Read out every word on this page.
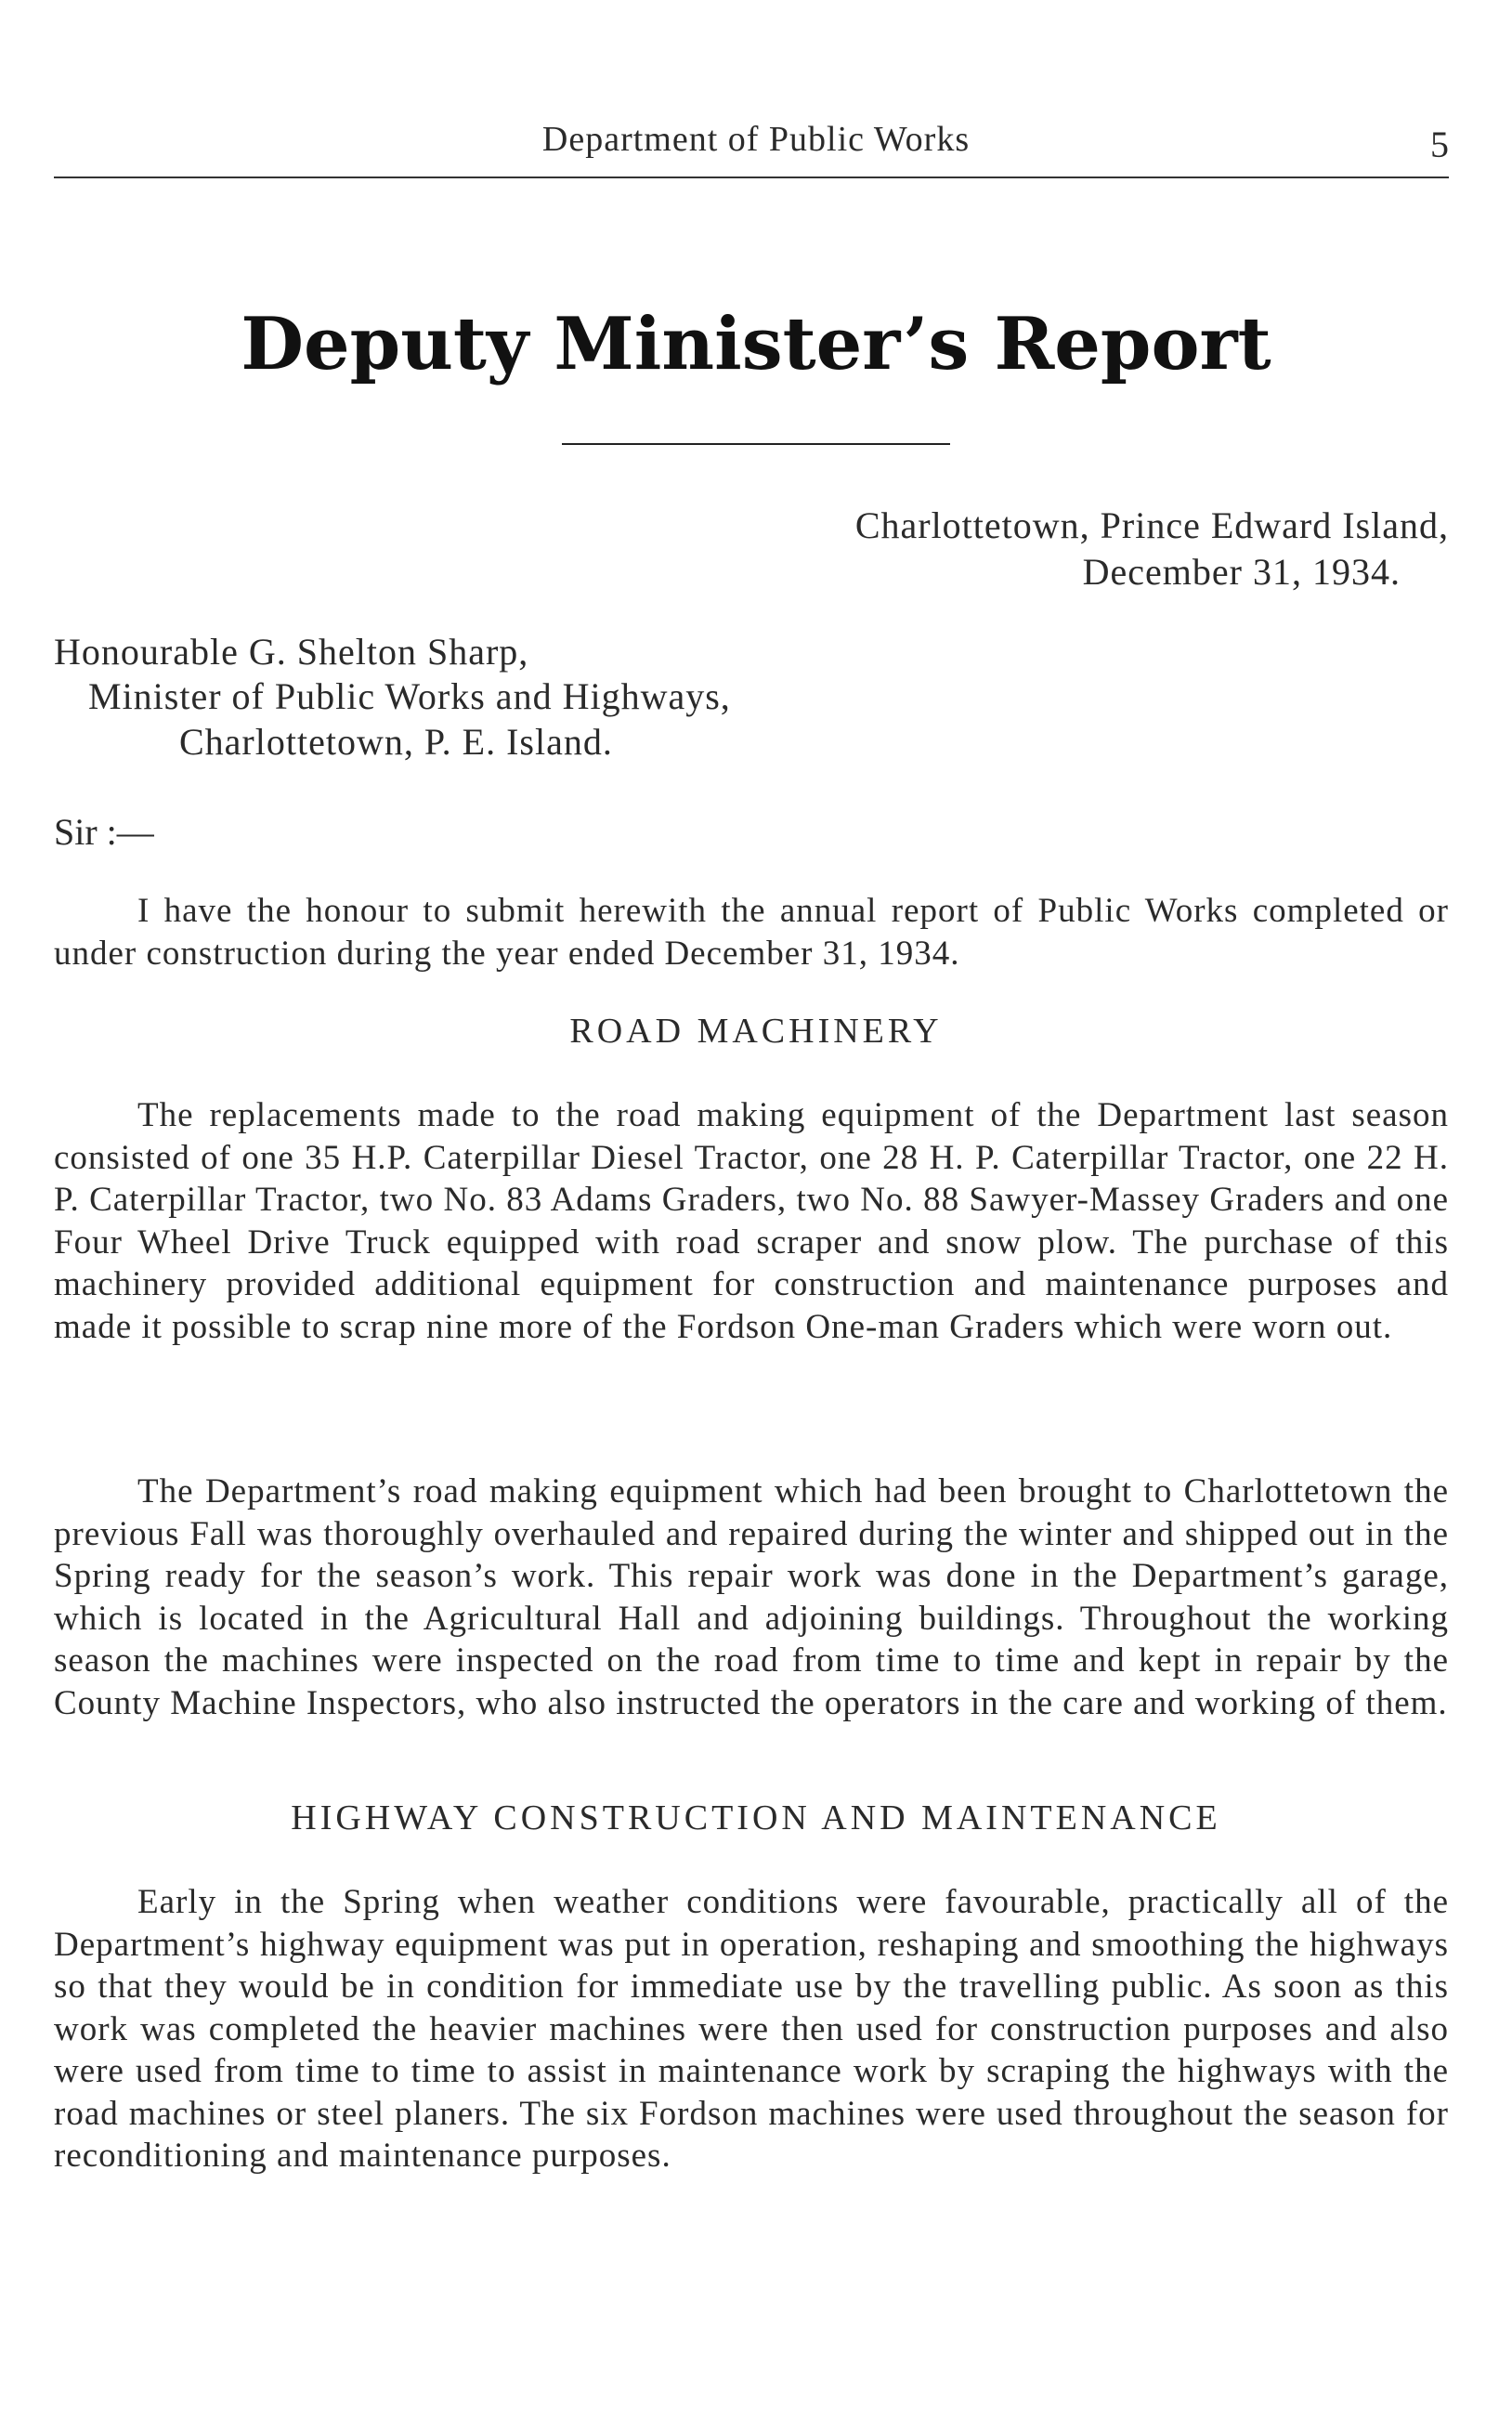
Department of Public Works	5
Deputy Minister’s Report
Charlottetown, Prince Edward Island,
December 31, 1934.
Honourable G. Shelton Sharp,
Minister of Public Works and Highways,
Charlottetown, P. E. Island.
Sir :—

I have the honour to submit herewith the annual report of Public Works completed or under construction during the year ended December 31, 1934.

ROAD MACHINERY

The replacements made to the road making equipment of the Department last season consisted of one 35 H.P. Caterpillar Diesel Tractor, one 28 H. P. Caterpillar Tractor, one 22 H. P. Caterpillar Tractor, two No. 83 Adams Graders, two No. 88 Sawyer-Massey Graders and one Four Wheel Drive Truck equipped with road scraper and snow plow. The purchase of this machinery provided additional equipment for construction and maintenance purposes and made it possible to scrap nine more of the Fordson One-man Graders which were worn out.

The Department’s road making equipment which had been brought to Charlottetown the previous Fall was thoroughly overhauled and repaired during the winter and shipped out in the Spring ready for the season’s work. This repair work was done in the Department’s garage, which is located in the Agricultural Hall and adjoining buildings. Throughout the working season the machines were inspected on the road from time to time and kept in repair by the County Machine Inspectors, who also instructed the operators in the care and working of them.

HIGHWAY CONSTRUCTION AND MAINTENANCE

Early in the Spring when weather conditions were favourable, practically all of the Department’s highway equipment was put in operation, reshaping and smoothing the highways so that they would be in condition for immediate use by the travelling public. As soon as this work was completed the heavier machines were then used for construction purposes and also were used from time to time to assist in maintenance work by scraping the highways with the road machines or steel planers. The six Fordson machines were used throughout the season for reconditioning and maintenance purposes.
